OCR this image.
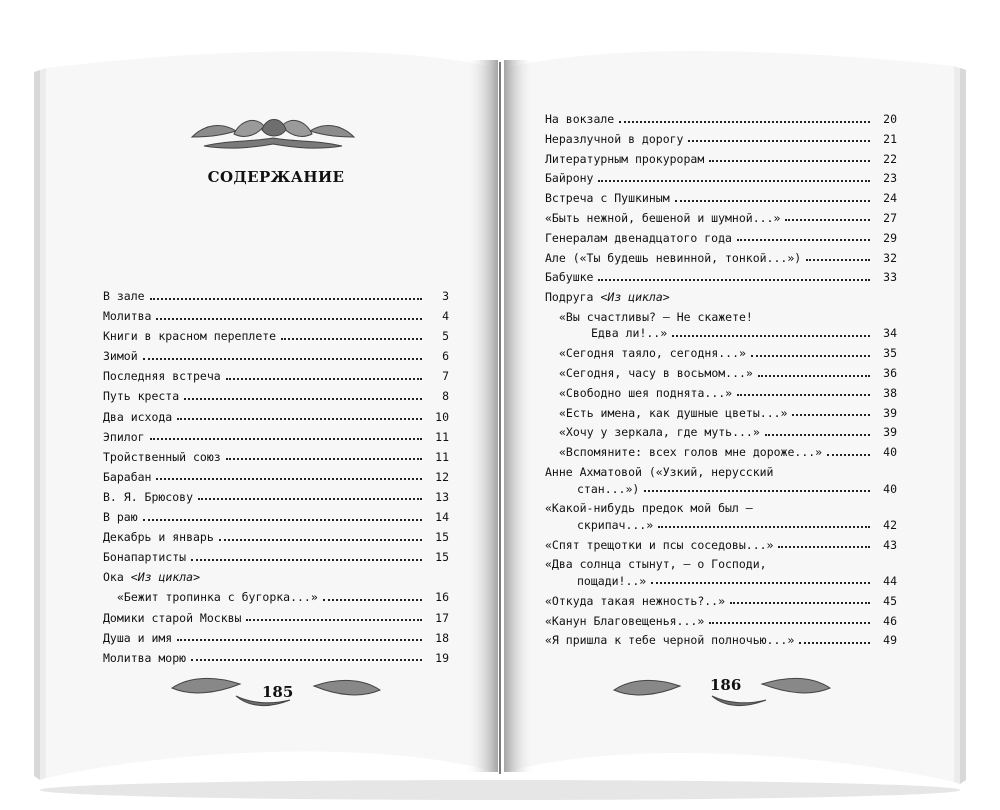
СОДЕРЖАНИЕ
В зале	3
Молитва	4
Книги в красном переплете	5
Зимой	6
Последняя встреча	7
Путь креста	8
Два исхода	10
Эпилог	11
Тройственный союз	11
Барабан	12
В. Я. Брюсову	13
В раю	14
Декабрь и январь	15
Бонапартисты	15
Ока <Из цикла>
«Бежит тропинка с бугорка...»	16
Домики старой Москвы	17
Душа и имя	18
Молитва морю	19
185
На вокзале	20
Неразлучной в дорогу	21
Литературным прокурорам	22
Байрону	23
Встреча с Пушкиным	24
«Быть нежной, бешеной и шумной...»	27
Генералам двенадцатого года	29
Але («Ты будешь невинной, тонкой...»)	32
Бабушке	33
Подруга <Из цикла>
«Вы счастливы? — Не скажете!
Едва ли!..»	34
«Сегодня таяло, сегодня...»	35
«Сегодня, часу в восьмом...»	36
«Свободно шея поднята...»	38
«Есть имена, как душные цветы...»	39
«Хочу у зеркала, где муть...»	39
«Вспомяните: всех голов мне дороже...»	40
Анне Ахматовой («Узкий, нерусский
стан...»)	40
«Какой-нибудь предок мой был —
скрипач...»	42
«Спят трещотки и псы соседовы...»	43
«Два солнца стынут, — о Господи,
пощади!..»	44
«Откуда такая нежность?..»	45
«Канун Благовещенья...»	46
«Я пришла к тебе черной полночью...»	49
186
